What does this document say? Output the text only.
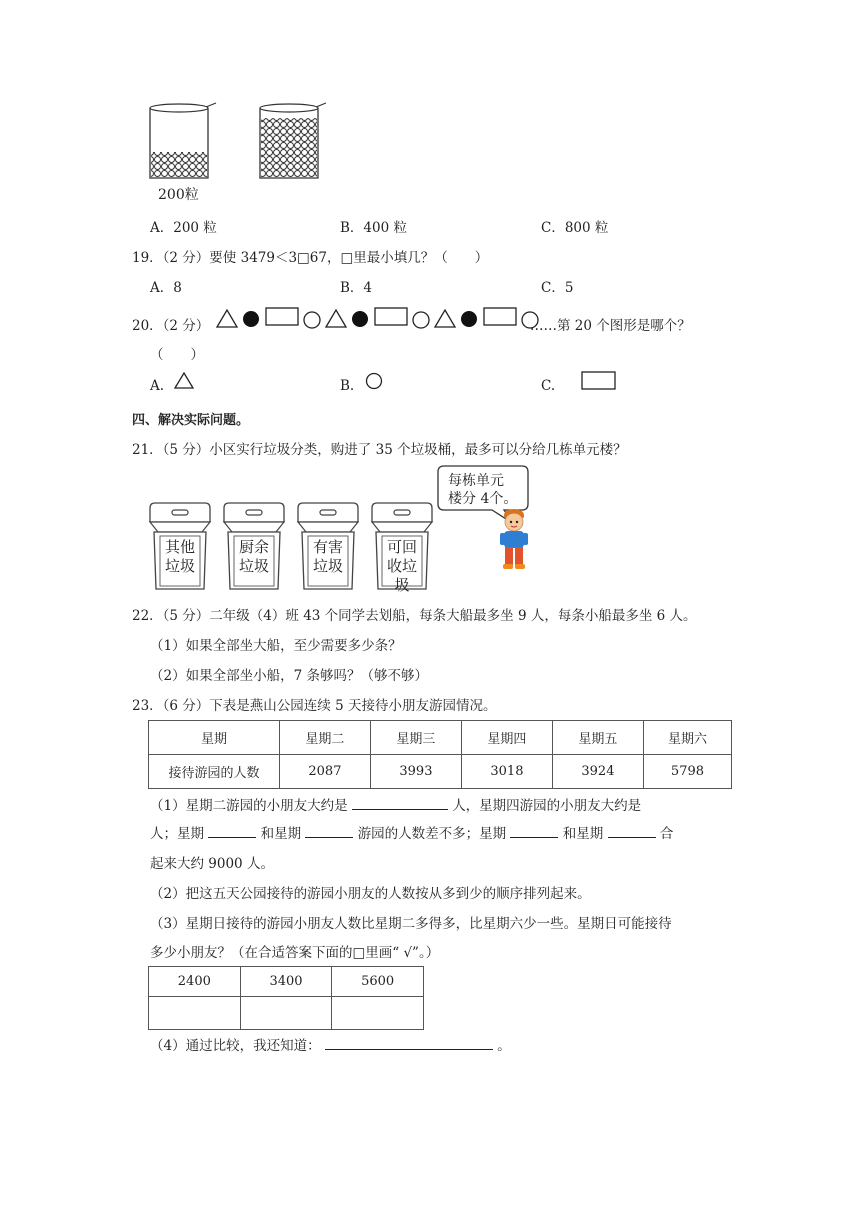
200粒
A．200 粒	B．400 粒	C．800 粒
19．（2 分）要使 3479＜3□67，□里最小填几？（　　）
A．8	B．4	C．5
20．（2 分）	……第 20 个图形是哪个？
（　　）
A.	B.	C.
四、解决实际问题。
21．（5 分）小区实行垃圾分类，购进了 35 个垃圾桶，最多可以分给几栋单元楼？
其他
垃圾
厨余
垃圾
有害
垃圾
可回
收垃
圾
每栋单元
楼分 4个。
22．（5 分）二年级（4）班 43 个同学去划船，每条大船最多坐 9 人，每条小船最多坐 6 人。
（1）如果全部坐大船，至少需要多少条？
（2）如果全部坐小船，7 条够吗？（够不够）
23．（6 分）下表是燕山公园连续 5 天接待小朋友游园情况。
星期	星期二	星期三	星期四	星期五	星期六
接待游园的人数	2087	3993	3018	3924	5798
（1）星期二游园的小朋友大约是	人，星期四游园的小朋友大约是
人；星期	和星期	游园的人数差不多；星期	和星期	合
起来大约 9000 人。
（2）把这五天公园接待的游园小朋友的人数按从多到少的顺序排列起来。
（3）星期日接待的游园小朋友人数比星期二多得多，比星期六少一些。星期日可能接待
多少小朋友？（在合适答案下面的□里画“ √”。）
2400	3400	5600

（4）通过比较，我还知道：	。
